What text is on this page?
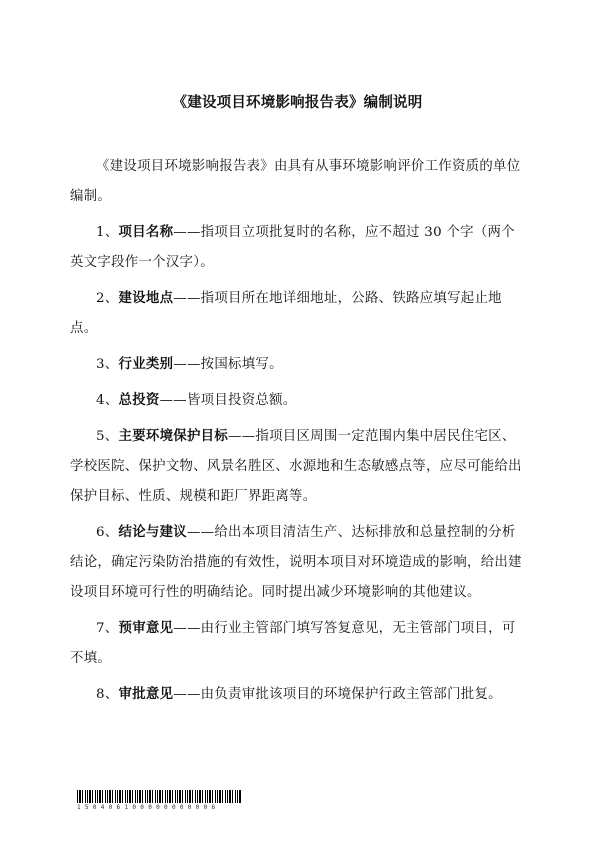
《建设项目环境影响报告表》编制说明

《建设项目环境影响报告表》由具有从事环境影响评价工作资质的单位编制。

1、项目名称——指项目立项批复时的名称，应不超过 30 个字（两个英文字段作一个汉字）。

2、建设地点——指项目所在地详细地址，公路、铁路应填写起止地点。

3、行业类别——按国标填写。

4、总投资——皆项目投资总额。

5、主要环境保护目标——指项目区周围一定范围内集中居民住宅区、学校医院、保护文物、风景名胜区、水源地和生态敏感点等，应尽可能给出保护目标、性质、规模和距厂界距离等。

6、结论与建议——给出本项目清洁生产、达标排放和总量控制的分析结论，确定污染防治措施的有效性，说明本项目对环境造成的影响，给出建设项目环境可行性的明确结论。同时提出减少环境影响的其他建议。

7、预审意见——由行业主管部门填写答复意见，无主管部门项目，可不填。

8、审批意见——由负责审批该项目的环境保护行政主管部门批复。

150406100000000006
